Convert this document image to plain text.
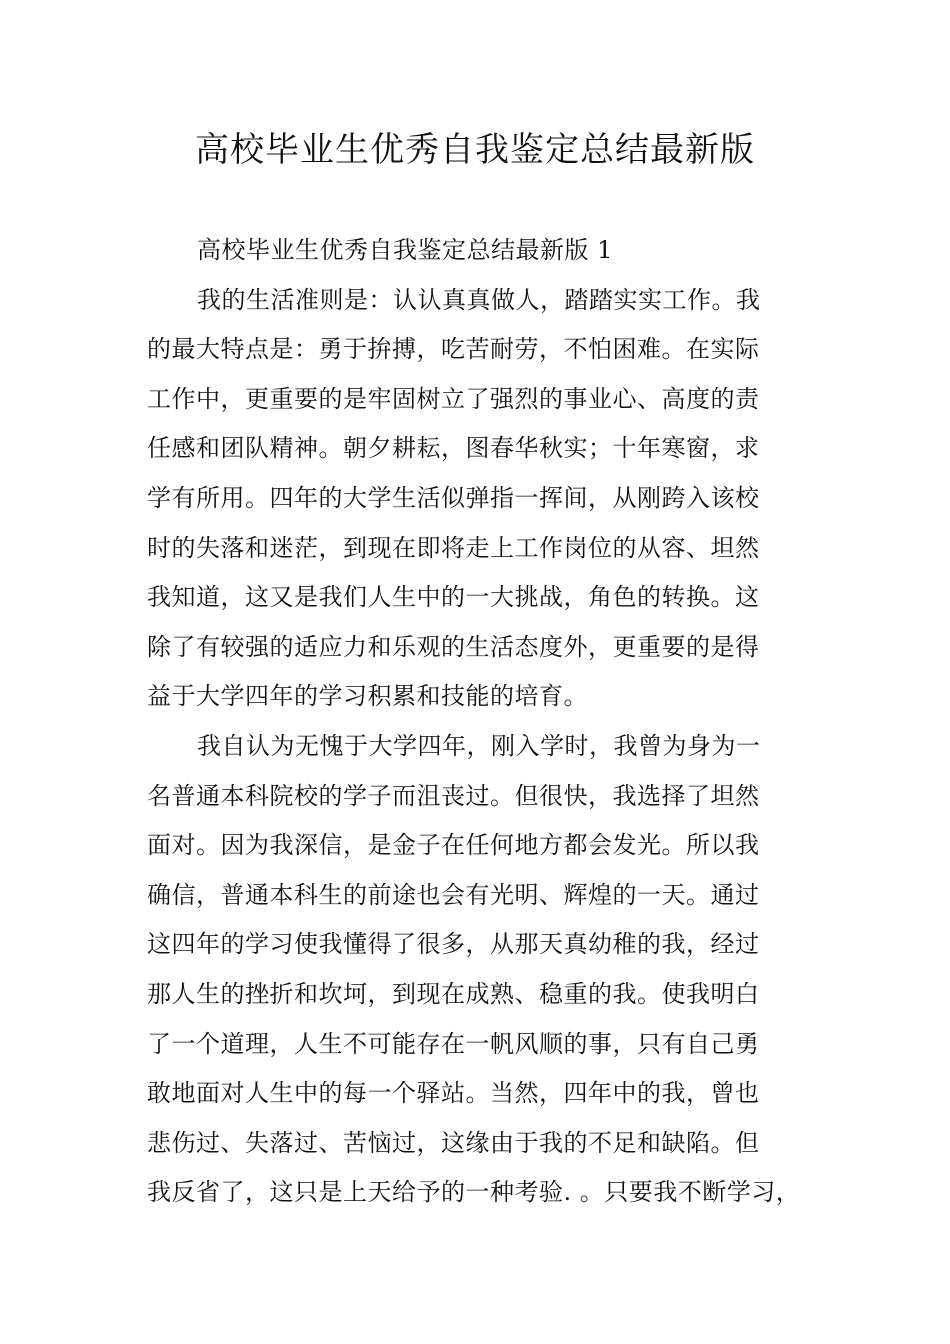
高校毕业生优秀自我鉴定总结最新版
高校毕业生优秀自我鉴定总结最新版 1
我的生活准则是：认认真真做人，踏踏实实工作。我
的最大特点是：勇于拚搏，吃苦耐劳，不怕困难。在实际
工作中，更重要的是牢固树立了强烈的事业心、高度的责
任感和团队精神。朝夕耕耘，图春华秋实；十年寒窗，求
学有所用。四年的大学生活似弹指一挥间，从刚跨入该校
时的失落和迷茫，到现在即将走上工作岗位的从容、坦然
我知道，这又是我们人生中的一大挑战，角色的转换。这
除了有较强的适应力和乐观的生活态度外，更重要的是得
益于大学四年的学习积累和技能的培育。
我自认为无愧于大学四年，刚入学时，我曾为身为一
名普通本科院校的学子而沮丧过。但很快，我选择了坦然
面对。因为我深信，是金子在任何地方都会发光。所以我
确信，普通本科生的前途也会有光明、辉煌的一天。通过
这四年的学习使我懂得了很多，从那天真幼稚的我，经过
那人生的挫折和坎坷，到现在成熟、稳重的我。使我明白
了一个道理，人生不可能存在一帆风顺的事，只有自己勇
敢地面对人生中的每一个驿站。当然，四年中的我，曾也
悲伤过、失落过、苦恼过，这缘由于我的不足和缺陷。但
我反省了，这只是上天给予的一种考验. 。只要我不断学习，
